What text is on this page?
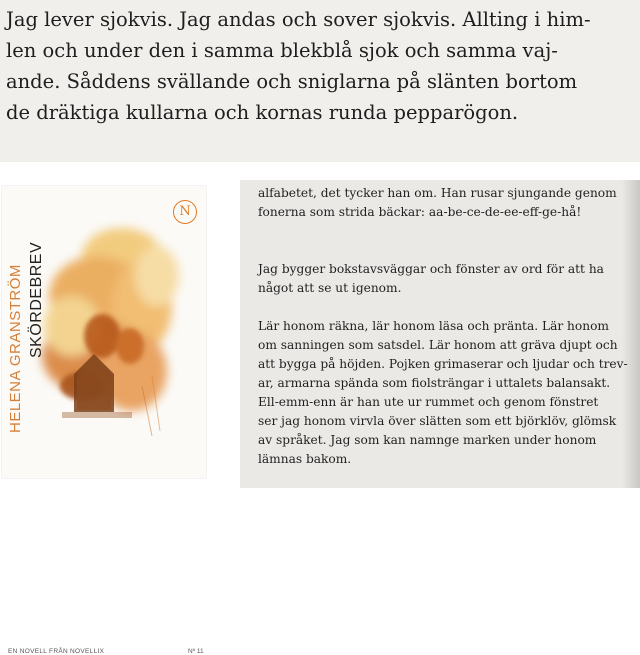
Jag lever sjokvis. Jag andas och sover sjokvis. Allting i him-
len och under den i samma blekblå sjok och samma vaj-
ande. Såddens svällande och sniglarna på slänten bortom
de dräktiga kullarna och kornas runda pepparögon.
EN NOVELL FRÅN NOVELLIX	Nº 11
HELENA GRANSTRÖM SKÖRDEBREV
N
alfabetet, det tycker han om. Han rusar sjungande genom
fonerna som strida bäckar: aa-be-ce-de-ee-eff-ge-hå!
Jag bygger bokstavsväggar och fönster av ord för att ha
något att se ut igenom.
Lär honom räkna, lär honom läsa och pränta. Lär honom
om sanningen som satsdel. Lär honom att gräva djupt och
att bygga på höjden. Pojken grimaserar och ljudar och trev-
ar, armarna spända som fiolsträngar i uttalets balansakt.
Ell-emm-enn är han ute ur rummet och genom fönstret
ser jag honom virvla över slätten som ett björklöv, glömsk
av språket. Jag som kan namnge marken under honom
lämnas bakom.
